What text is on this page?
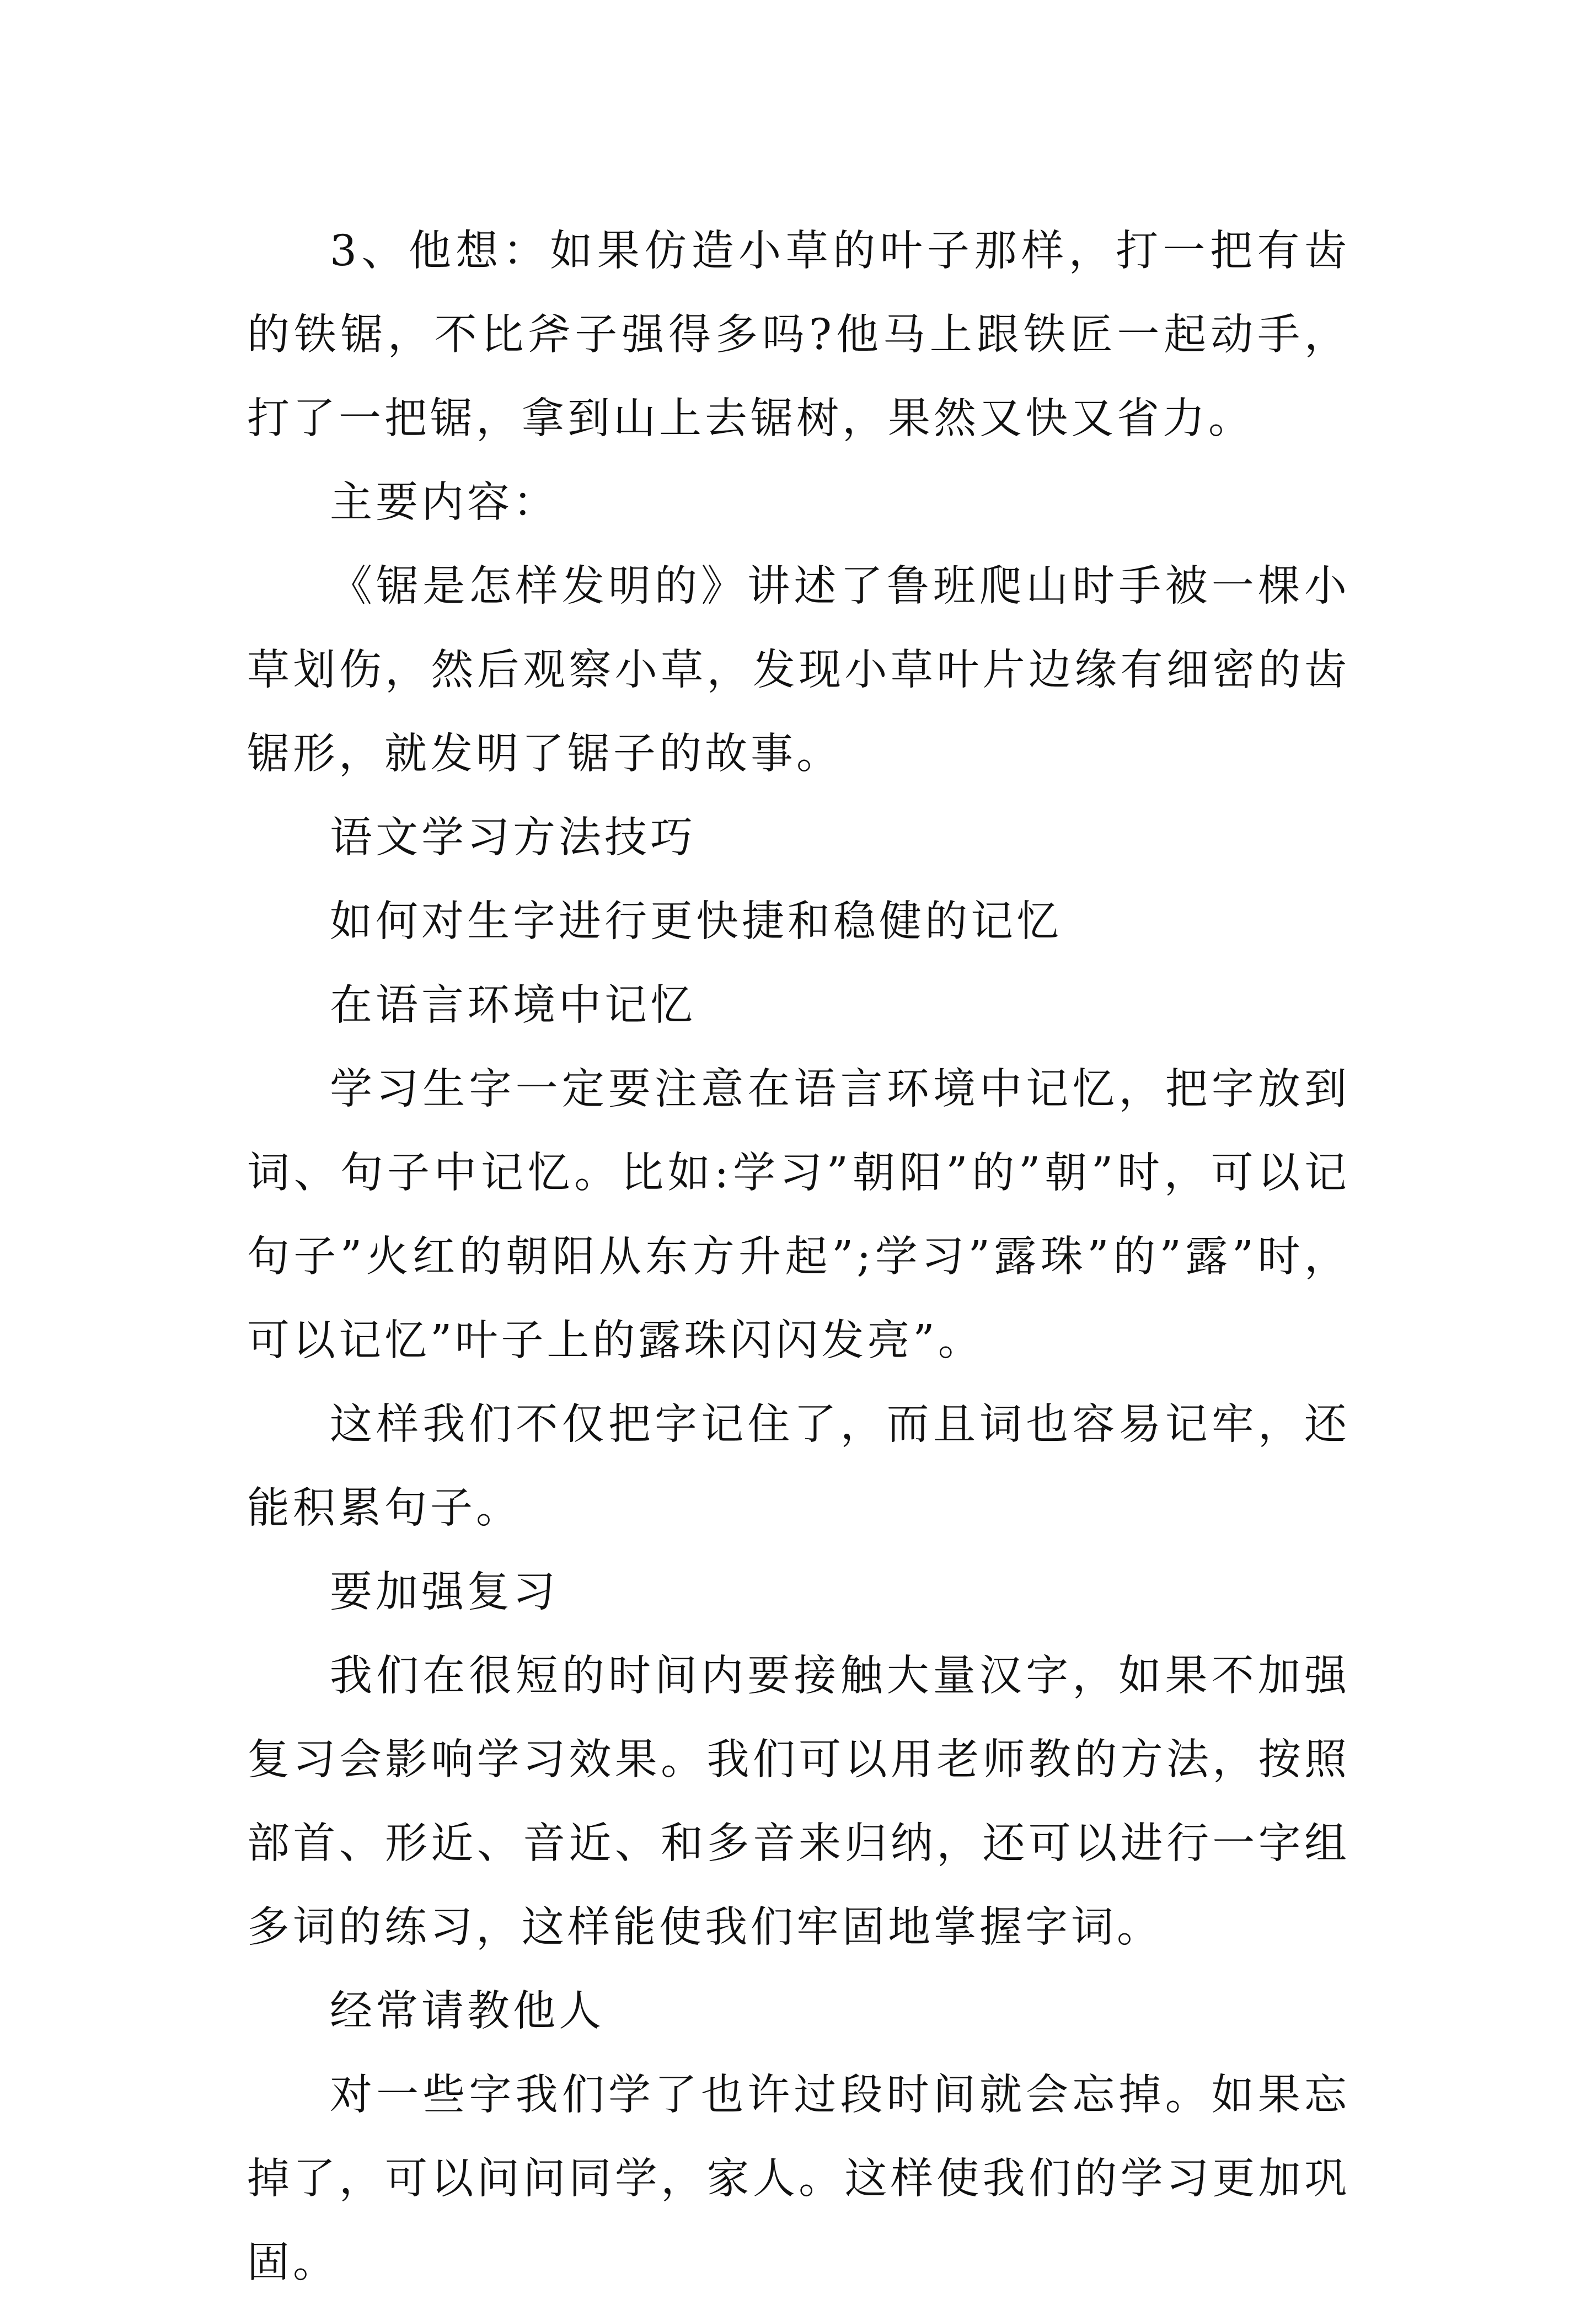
3、他想：如果仿造小草的叶子那样，打一把有齿的铁锯，不比斧子强得多吗?他马上跟铁匠一起动手，打了一把锯，拿到山上去锯树，果然又快又省力。

主要内容：

《锯是怎样发明的》讲述了鲁班爬山时手被一棵小草划伤，然后观察小草，发现小草叶片边缘有细密的齿锯形，就发明了锯子的故事。

语文学习方法技巧

如何对生字进行更快捷和稳健的记忆

在语言环境中记忆

学习生字一定要注意在语言环境中记忆，把字放到词、句子中记忆。比如:学习”朝阳”的”朝”时，可以记句子”火红的朝阳从东方升起”;学习”露珠”的”露”时，可以记忆”叶子上的露珠闪闪发亮”。

这样我们不仅把字记住了，而且词也容易记牢，还能积累句子。

要加强复习

我们在很短的时间内要接触大量汉字，如果不加强复习会影响学习效果。我们可以用老师教的方法，按照部首、形近、音近、和多音来归纳，还可以进行一字组多词的练习，这样能使我们牢固地掌握字词。

经常请教他人

对一些字我们学了也许过段时间就会忘掉。如果忘掉了，可以问问同学，家人。这样使我们的学习更加巩固。
